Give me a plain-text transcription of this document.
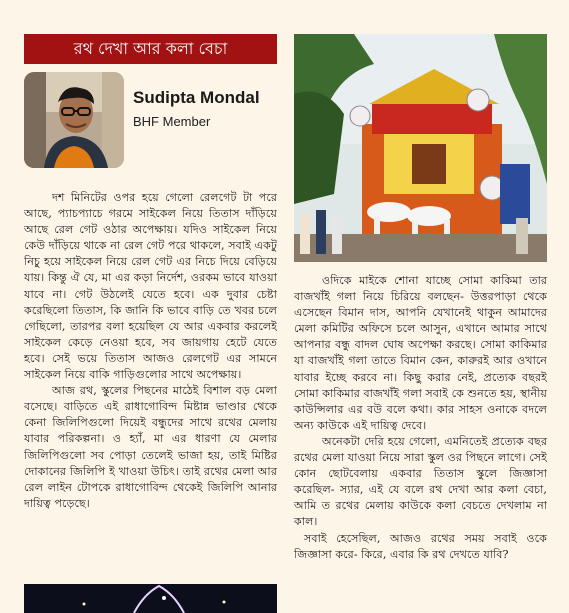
রথ দেখা আর কলা বেচা
Sudipta Mondal
BHF Member

দশ মিনিটের ওপর হয়ে গেলো রেলগেট টা পরে আছে, প্যাচপ্যাচে গরমে সাইকেল নিয়ে তিতাস দাঁড়িয়ে আছে রেল গেট ওঠার অপেক্ষায়। যদিও সাইকেল নিয়ে কেউ দাঁড়িয়ে থাকে না রেল গেট পরে থাকলে, সবাই একটু নিচু হয়ে সাইকেল নিয়ে রেল গেট এর নিচে দিয়ে বেড়িয়ে যায়। কিন্তু ঐ যে, মা এর কড়া নির্দেশ, ওরকম ভাবে যাওয়া যাবে না। গেট উঠলেই যেতে হবে। এক দুবার চেষ্টা করেছিলো তিতাস, কি জানি কি ভাবে বাড়ি তে খবর চলে গেছিলো, তারপর বলা হয়েছিল যে আর একবার করলেই সাইকেল কেড়ে নেওয়া হবে, সব জায়গায় হেটে যেতে হবে। সেই ভয়ে তিতাস আজও রেলগেট এর সামনে সাইকেল নিয়ে বাকি গাড়িগুলোর সাথে অপেক্ষায়।

আজ রথ, স্কুলের পিছনের মাঠেই বিশাল বড় মেলা বসেছে। বাড়িতে এই রাধাগোবিন্দ মিষ্টান্ন ভাণ্ডার থেকে কেনা জিলিপিগুলো দিয়েই বন্ধুদের সাথে রথের মেলায় যাবার পরিকল্পনা। ও হ্যাঁ, মা এর ধারণা যে মেলার জিলিপিগুলো সব পোড়া তেলেই ভাজা হয়, তাই মিষ্টির দোকানের জিলিপি ই খাওয়া উচিৎ। তাই রথের মেলা আর রেল লাইন টোপকে রাধাগোবিন্দ থেকেই জিলিপি আনার দায়িত্ব পড়েছে।

ওদিকে মাইকে শোনা যাচ্ছে সোমা কাকিমা তার বাজখাঁই গলা নিয়ে চিরিয়ে বলছেন- উত্তরপাড়া থেকে এসেছেন বিমান দাস, আপনি যেখানেই থাকুন আমাদের মেলা কমিটির অফিসে চলে আসুন, এখানে আমার সাথে আপনার বন্ধু বাদল ঘোষ অপেক্ষা করছে। সোমা কাকিমার যা বাজখাঁই গলা তাতে বিমান কেন, কারুরই আর ওখানে যাবার ইচ্ছে করবে না। কিছু করার নেই, প্রত্যেক বছরই সোমা কাকিমার বাজখাঁই গলা সবাই কে শুনতে হয়, স্থানীয় কাউন্সিলার এর বউ বলে কথা। কার সাহস ওনাকে বদলে অন্য কাউকে এই দায়িত্ব দেবে।

অনেকটা দেরি হয়ে গেলো, এমনিতেই প্রত্যেক বছর রথের মেলা যাওয়া নিয়ে সারা স্কুল ওর পিছনে লাগে। সেই কোন ছোটবেলায় একবার তিতাস স্কুলে জিজ্ঞাসা করেছিল- স্যার, এই যে বলে রথ দেখা আর কলা বেচা, আমি ত রথের মেলায় কাউকে কলা বেচতে দেখলাম না কাল।

সবাই হেসেছিল, আজও রথের সময় সবাই ওকে জিজ্ঞাসা করে- কিরে, এবার কি রথ দেখতে যাবি?
